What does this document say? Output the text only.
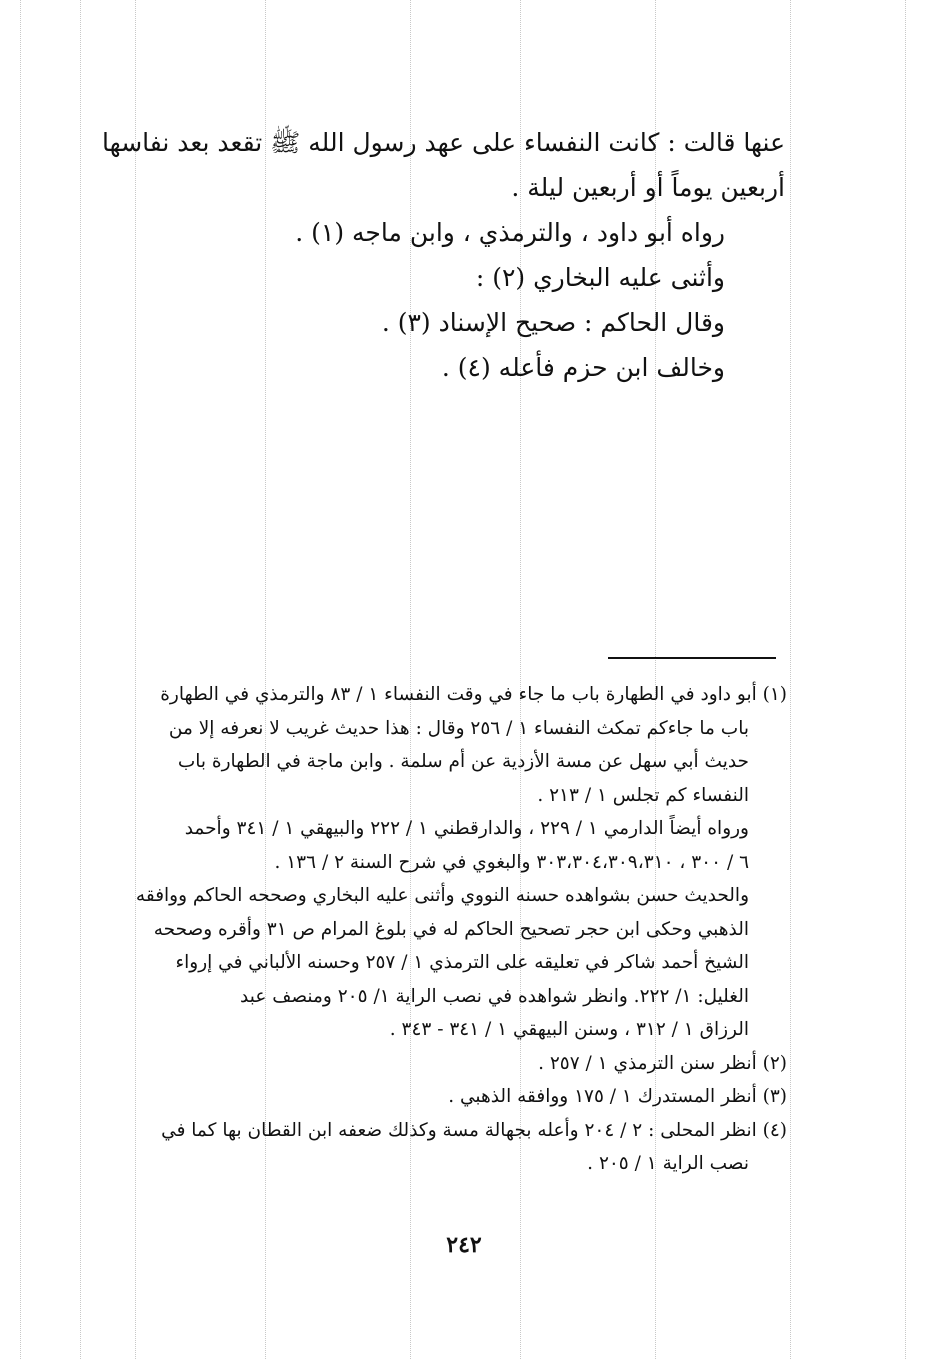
عنها قالت : كانت النفساء على عهد رسول الله ﷺ تقعد بعد نفاسها
أربعين يوماً أو أربعين ليلة .
رواه أبو داود ، والترمذي ، وابن ماجه (١) .
وأثنى عليه البخاري (٢) :
وقال الحاكم : صحيح الإسناد (٣) .
وخالف ابن حزم فأعله (٤) .
(١) أبو داود في الطهارة باب ما جاء في وقت النفساء ١ / ٨٣ والترمذي في الطهارة
باب ما جاءكم تمكث النفساء ١ / ٢٥٦ وقال : هذا حديث غريب لا نعرفه إلا من
حديث أبي سهل عن مسة الأزدية عن أم سلمة . وابن ماجة في الطهارة باب
النفساء كم تجلس ١ / ٢١٣ .
ورواه أيضاً الدارمي ١ / ٢٢٩ ، والدارقطني ١ / ٢٢٢ والبيهقي ١ / ٣٤١ وأحمد
٦ / ٣٠٠ ، ٣٠٣،٣٠٤،٣٠٩،٣١٠ والبغوي في شرح السنة ٢ / ١٣٦ .
والحديث حسن بشواهده حسنه النووي وأثنى عليه البخاري وصححه الحاكم ووافقه
الذهبي وحكى ابن حجر تصحيح الحاكم له في بلوغ المرام ص ٣١ وأقره وصححه
الشيخ أحمد شاكر في تعليقه على الترمذي ١ / ٢٥٧ وحسنه الألباني في إرواء
الغليل: ١/ ٢٢٢. وانظر شواهده في نصب الراية ١/ ٢٠٥ ومنصف عبد
الرزاق ١ / ٣١٢ ، وسنن البيهقي ١ / ٣٤١ - ٣٤٣ .
(٢) أنظر سنن الترمذي ١ / ٢٥٧ .
(٣) أنظر المستدرك ١ / ١٧٥ ووافقه الذهبي .
(٤) انظر المحلى : ٢ / ٢٠٤ وأعله بجهالة مسة وكذلك ضعفه ابن القطان بها كما في
نصب الراية ١ / ٢٠٥ .
٢٤٢
